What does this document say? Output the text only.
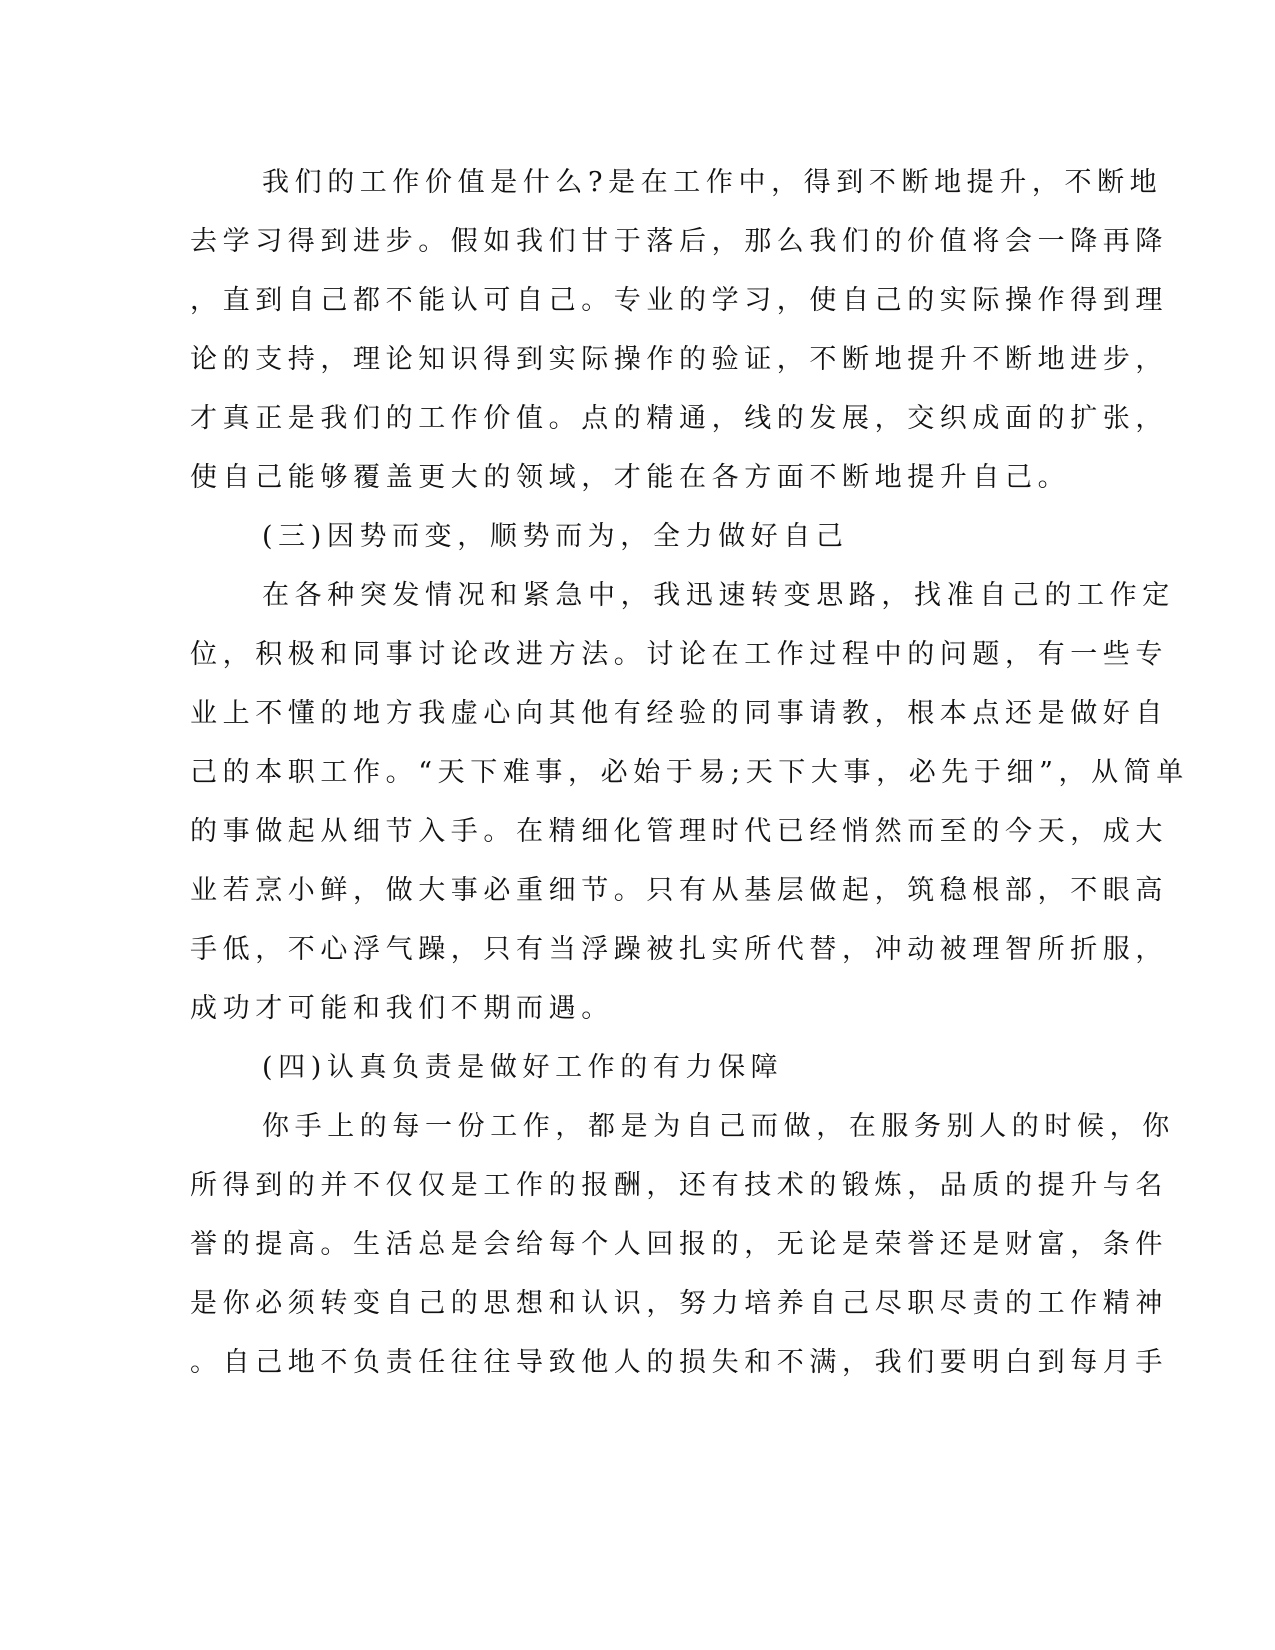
我们的工作价值是什么?是在工作中，得到不断地提升，不断地
去学习得到进步。假如我们甘于落后，那么我们的价值将会一降再降
，直到自己都不能认可自己。专业的学习，使自己的实际操作得到理
论的支持，理论知识得到实际操作的验证，不断地提升不断地进步，
才真正是我们的工作价值。点的精通，线的发展，交织成面的扩张，
使自己能够覆盖更大的领域，才能在各方面不断地提升自己。
(三)因势而变，顺势而为，全力做好自己
在各种突发情况和紧急中，我迅速转变思路，找准自己的工作定
位，积极和同事讨论改进方法。讨论在工作过程中的问题，有一些专
业上不懂的地方我虚心向其他有经验的同事请教，根本点还是做好自
己的本职工作。“天下难事，必始于易;天下大事，必先于细”，从简单
的事做起从细节入手。在精细化管理时代已经悄然而至的今天，成大
业若烹小鲜，做大事必重细节。只有从基层做起，筑稳根部，不眼高
手低，不心浮气躁，只有当浮躁被扎实所代替，冲动被理智所折服，
成功才可能和我们不期而遇。
(四)认真负责是做好工作的有力保障
你手上的每一份工作，都是为自己而做，在服务别人的时候，你
所得到的并不仅仅是工作的报酬，还有技术的锻炼，品质的提升与名
誉的提高。生活总是会给每个人回报的，无论是荣誉还是财富，条件
是你必须转变自己的思想和认识，努力培养自己尽职尽责的工作精神
。自己地不负责任往往导致他人的损失和不满，我们要明白到每月手
